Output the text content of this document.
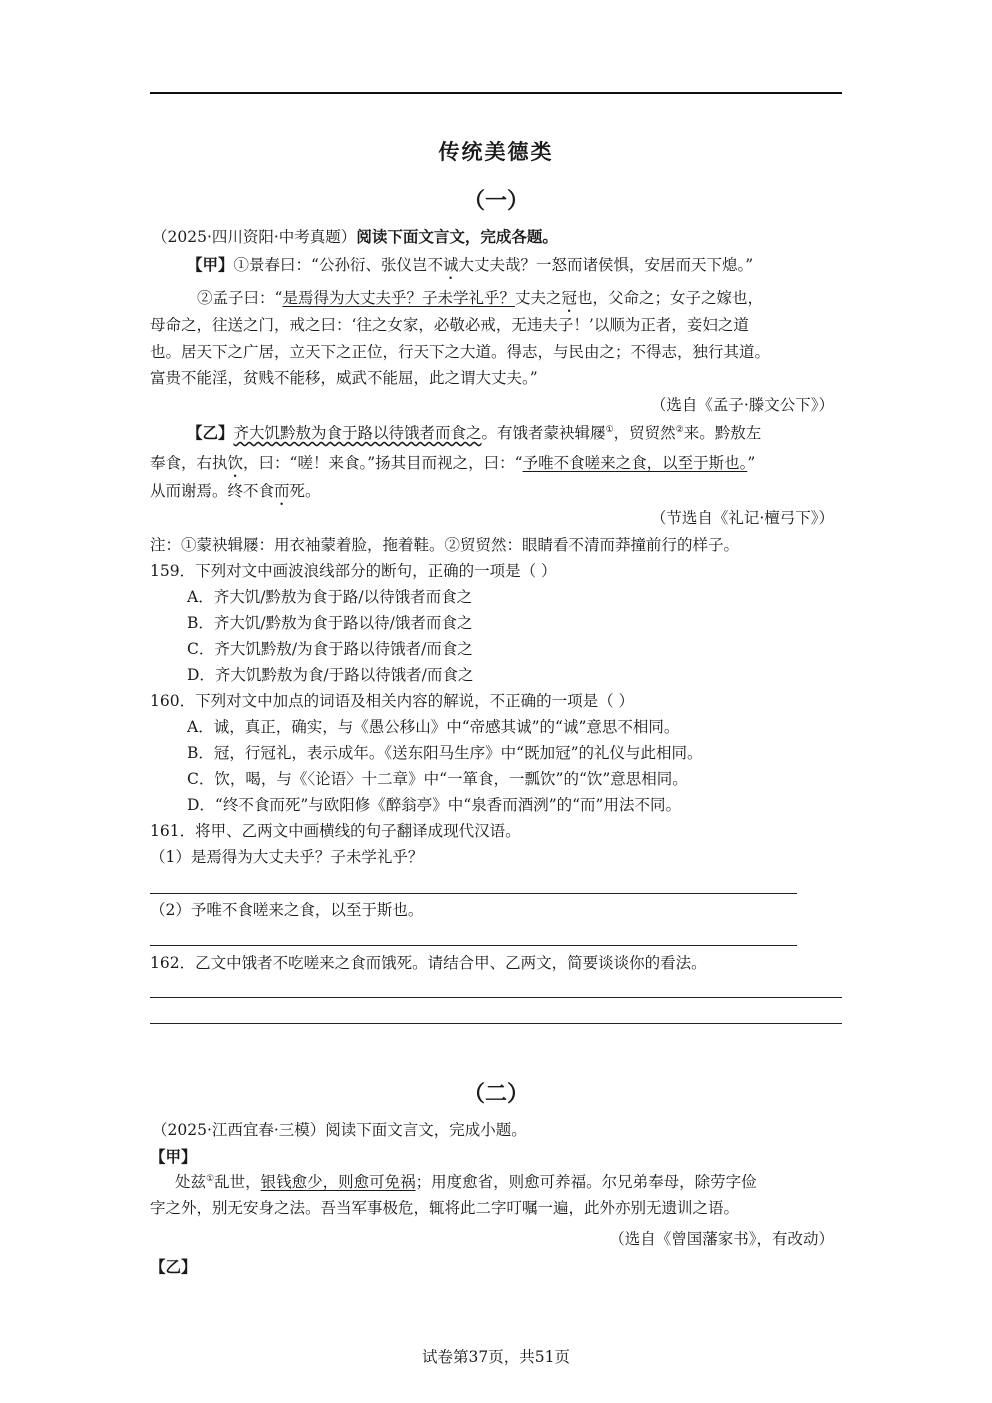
传统美德类
（一）
（2025·四川资阳·中考真题）阅读下面文言文，完成各题。
【甲】①景春曰：“公孙衍、张仪岂不诚大丈夫哉？一怒而诸侯惧，安居而天下熄。”
②孟子曰：“是焉得为大丈夫乎？子未学礼乎？丈夫之冠也，父命之；女子之嫁也，
母命之，往送之门，戒之曰：‘往之女家，必敬必戒，无违夫子！’以顺为正者，妾妇之道
也。居天下之广居，立天下之正位，行天下之大道。得志，与民由之；不得志，独行其道。
富贵不能淫，贫贱不能移，威武不能屈，此之谓大丈夫。”
（选自《孟子·滕文公下》）
【乙】齐大饥黔敖为食于路以待饿者而食之。有饿者蒙袂辑屦①，贸贸然②来。黔敖左
奉食，右执饮，曰：“嗟！来食。”扬其目而视之，曰：“予唯不食嗟来之食，以至于斯也。”
从而谢焉。终不食而死。
（节选自《礼记·檀弓下》）
注：①蒙袂辑屦：用衣袖蒙着脸，拖着鞋。②贸贸然：眼睛看不清而莽撞前行的样子。
159．下列对文中画波浪线部分的断句，正确的一项是（ ）
A．齐大饥/黔敖为食于路/以待饿者而食之
B．齐大饥/黔敖为食于路以待/饿者而食之
C．齐大饥黔敖/为食于路以待饿者/而食之
D．齐大饥黔敖为食/于路以待饿者/而食之
160．下列对文中加点的词语及相关内容的解说，不正确的一项是（ ）
A．诚，真正，确实，与《愚公移山》中“帝感其诚”的“诚”意思不相同。
B．冠，行冠礼，表示成年。《送东阳马生序》中“既加冠”的礼仪与此相同。
C．饮，喝，与《〈论语〉十二章》中“一箪食，一瓢饮”的“饮”意思相同。
D．“终不食而死”与欧阳修《醉翁亭》中“泉香而酒洌”的“而”用法不同。
161．将甲、乙两文中画横线的句子翻译成现代汉语。
（1）是焉得为大丈夫乎？子未学礼乎？
（2）予唯不食嗟来之食，以至于斯也。
162．乙文中饿者不吃嗟来之食而饿死。请结合甲、乙两文，简要谈谈你的看法。
（二）
（2025·江西宜春·三模）阅读下面文言文，完成小题。
【甲】
处兹①乱世，银钱愈少，则愈可免祸；用度愈省，则愈可养福。尔兄弟奉母，除劳字俭
字之外，别无安身之法。吾当军事极危，辄将此二字叮嘱一遍，此外亦别无遗训之语。
（选自《曾国藩家书》，有改动）
【乙】
试卷第37页，共51页
